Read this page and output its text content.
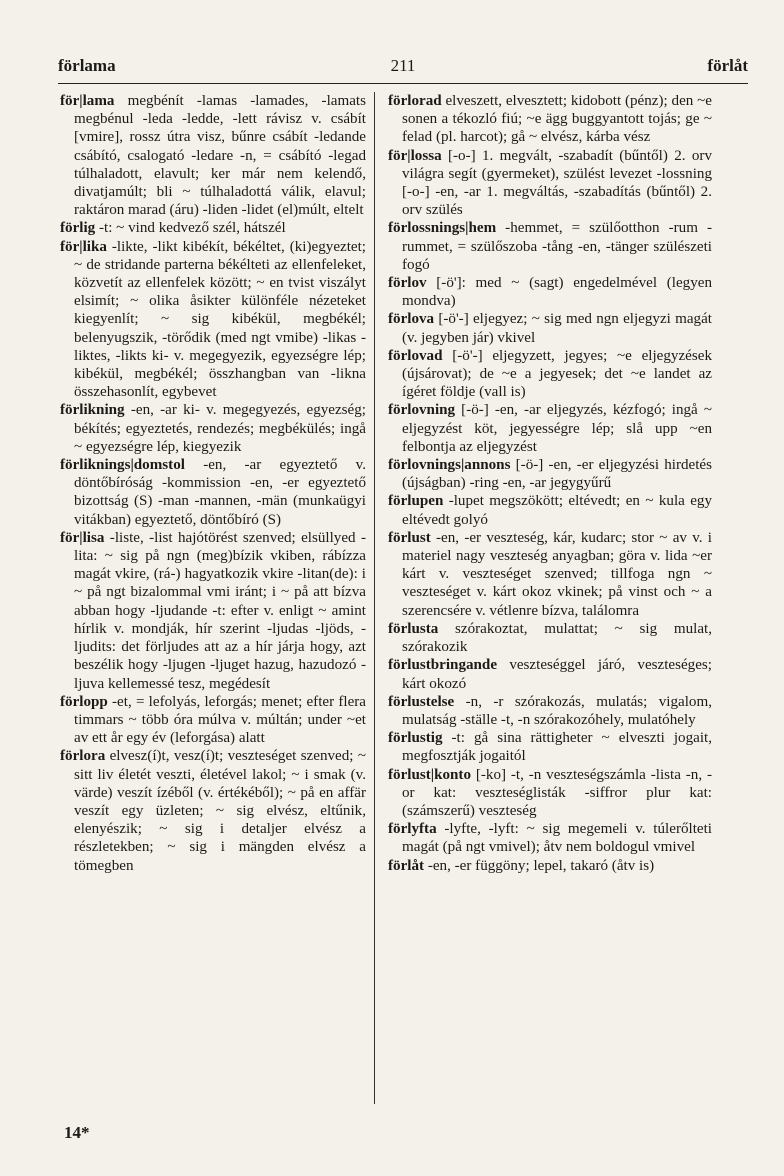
förlama	211	förlåt

för|lama megbénít -lamas -lamades, -lamats megbénul -leda -ledde, -lett rávisz v. csábít [vmire], rossz útra visz, bűnre csábít -ledande csábító, csalogató -ledare -n, = csábító -legad túlhaladott, elavult; ker már nem kelendő, divatjamúlt; bli ~ túlhaladottá válik, elavul; raktáron marad (áru) -liden -lidet (el)múlt, eltelt

förlig -t: ~ vind kedvező szél, hátszél

för|lika -likte, -likt kibékít, békéltet, (ki)egyeztet; ~ de stridande parterna békélteti az ellenfeleket, közvetít az ellenfelek között; ~ en tvist viszályt elsimít; ~ olika åsikter különféle nézeteket kiegyenlít; ~ sig kibékül, megbékél; belenyugszik, -törődik (med ngt vmibe) -likas -liktes, -likts ki- v. megegyezik, egyezségre lép; kibékül, megbékél; összhangban van -likna összehasonlít, egybevet

förlikning -en, -ar ki- v. megegyezés, egyezség; békítés; egyeztetés, rendezés; megbékülés; ingå ~ egyezségre lép, kiegyezik

förliknings|domstol -en, -ar egyeztető v. döntőbíróság -kommission -en, -er egyeztető bizottság (S) -man -mannen, -män (munkaügyi vitákban) egyeztető, döntőbíró (S)

för|lisa -liste, -list hajótörést szenved; elsüllyed -lita: ~ sig på ngn (meg)bízik vkiben, rábízza magát vkire, (rá-) hagyatkozik vkire -litan(de): i ~ på ngt bizalommal vmi iránt; i ~ på att bízva abban hogy -ljudande -t: efter v. enligt ~ amint hírlik v. mondják, hír szerint -ljudas -ljöds, -ljudits: det förljudes att az a hír járja hogy, azt beszélik hogy -ljugen -ljuget hazug, hazudozó -ljuva kellemessé tesz, megédesít

förlopp -et, = lefolyás, leforgás; menet; efter flera timmars ~ több óra múlva v. múltán; under ~et av ett år egy év (leforgása) alatt

förlora elvesz(í)t, vesz(í)t; veszteséget szenved; ~ sitt liv életét veszti, életével lakol; ~ i smak (v. värde) veszít ízéből (v. értékéből); ~ på en affär veszít egy üzleten; ~ sig elvész, eltűnik, elenyészik; ~ sig i detaljer elvész a részletekben; ~ sig i mängden elvész a tömegben

förlorad elveszett, elvesztett; kidobott (pénz); den ~e sonen a tékozló fiú; ~e ägg buggyantott tojás; ge ~ felad (pl. harcot); gå ~ elvész, kárba vész

för|lossa [-o-] 1. megvált, -szabadít (bűntől) 2. orv világra segít (gyermeket), szülést levezet -lossning [-o-] -en, -ar 1. megváltás, -szabadítás (bűntől) 2. orv szülés

förlossnings|hem -hemmet, = szülőotthon -rum -rummet, = szülőszoba -tång -en, -tänger szülészeti fogó

förlov [-ö']: med ~ (sagt) engedelmével (legyen mondva)

förlova [-ö'-] eljegyez; ~ sig med ngn eljegyzi magát (v. jegyben jár) vkivel

förlovad [-ö'-] eljegyzett, jegyes; ~e eljegyzések (újsárovat); de ~e a jegyesek; det ~e landet az ígéret földje (vall is)

förlovning [-ö-] -en, -ar eljegyzés, kézfogó; ingå ~ eljegyzést köt, jegyességre lép; slå upp ~en felbontja az eljegyzést

förlovnings|annons [-ö-] -en, -er eljegyzési hirdetés (újságban) -ring -en, -ar jegygyűrű

förlupen -lupet megszökött; eltévedt; en ~ kula egy eltévedt golyó

förlust -en, -er veszteség, kár, kudarc; stor ~ av v. i materiel nagy veszteség anyagban; göra v. lida ~er kárt v. veszteséget szenved; tillfoga ngn ~ veszteséget v. kárt okoz vkinek; på vinst och ~ a szerencsére v. vétlenre bízva, találomra

förlusta szórakoztat, mulattat; ~ sig mulat, szórakozik

förlustbringande veszteséggel járó, veszteséges; kárt okozó

förlustelse -n, -r szórakozás, mulatás; vigalom, mulatság -ställe -t, -n szórakozóhely, mulatóhely

förlustig -t: gå sina rättigheter ~ elveszti jogait, megfosztják jogaitól

förlust|konto [-ko] -t, -n veszteségszámla -lista -n, -or kat: veszteséglisták -siffror plur kat: (számszerű) veszteség

förlyfta -lyfte, -lyft: ~ sig megemeli v. túlerőlteti magát (på ngt vmivel); åtv nem boldogul vmivel

förlåt -en, -er függöny; lepel, takaró (åtv is)

14*
